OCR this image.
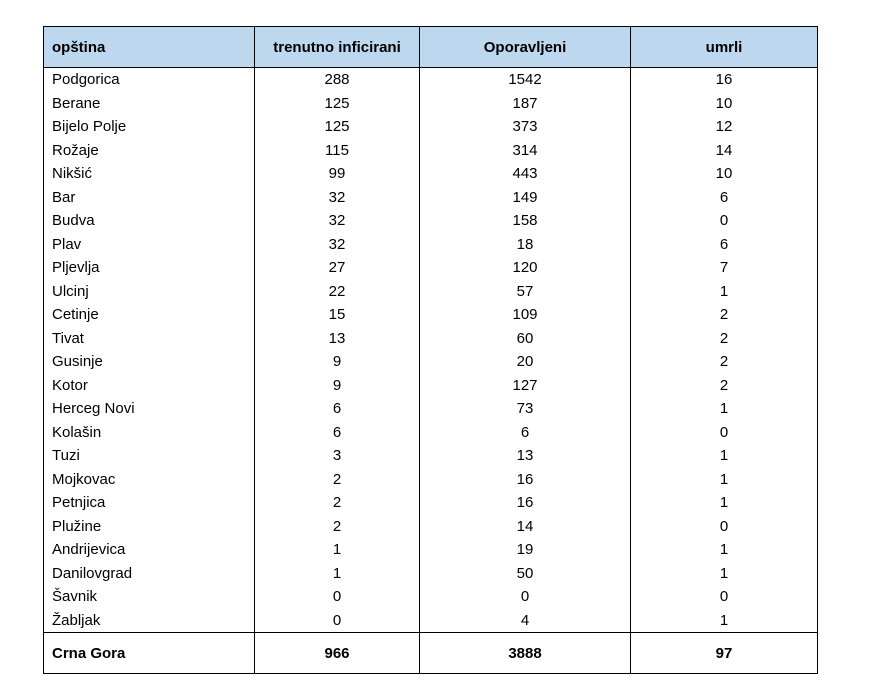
opština	trenutno inficirani	Oporavljeni	umrli
Podgorica	288	1542	16
Berane	125	187	10
Bijelo Polje	125	373	12
Rožaje	115	314	14
Nikšić	99	443	10
Bar	32	149	6
Budva	32	158	0
Plav	32	18	6
Pljevlja	27	120	7
Ulcinj	22	57	1
Cetinje	15	109	2
Tivat	13	60	2
Gusinje	9	20	2
Kotor	9	127	2
Herceg Novi	6	73	1
Kolašin	6	6	0
Tuzi	3	13	1
Mojkovac	2	16	1
Petnjica	2	16	1
Plužine	2	14	0
Andrijevica	1	19	1
Danilovgrad	1	50	1
Šavnik	0	0	0
Žabljak	0	4	1
Crna Gora	966	3888	97
